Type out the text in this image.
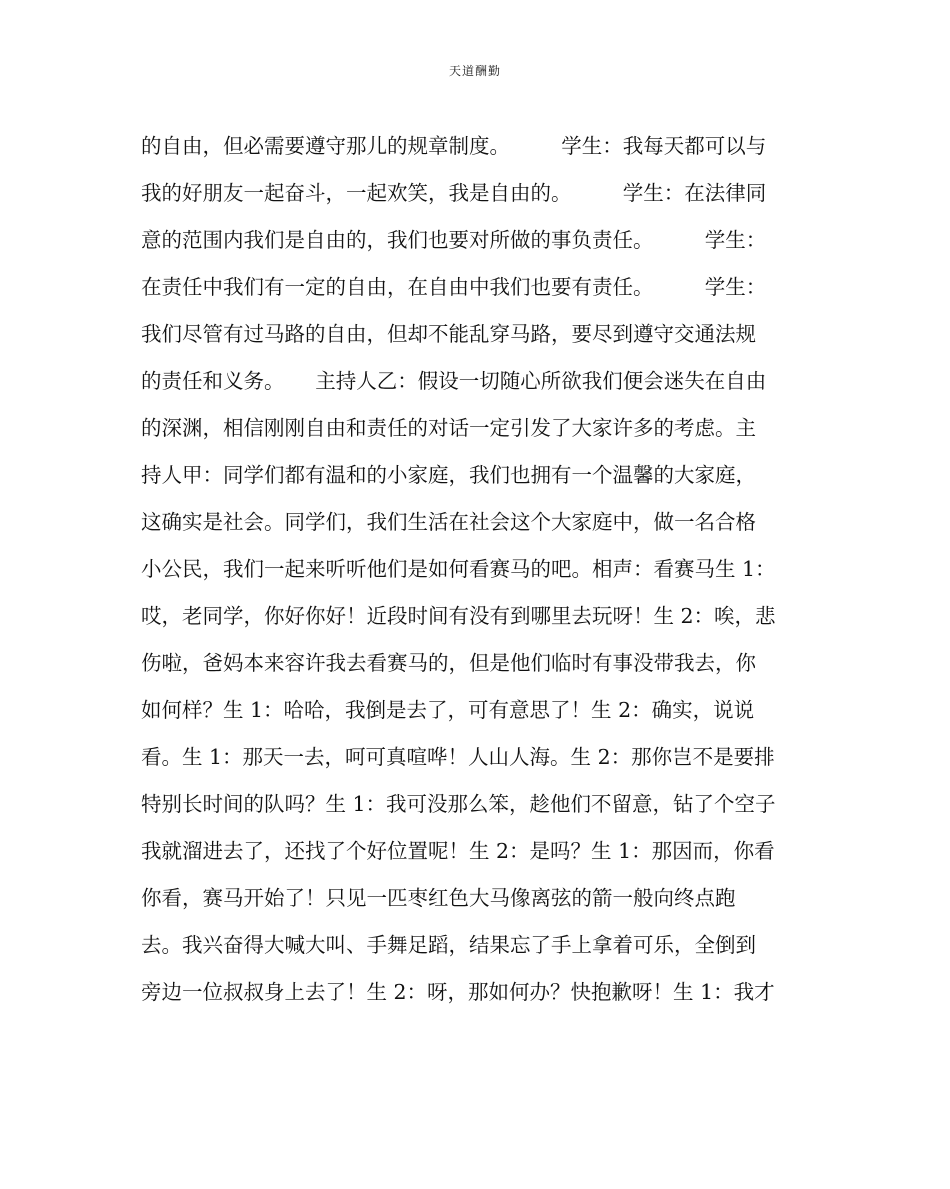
天道酬勤
的自由，但必需要遵守那儿的规章制度。　　　学生：我每天都可以与
我的好朋友一起奋斗，一起欢笑，我是自由的。　　　学生：在法律同
意的范围内我们是自由的，我们也要对所做的事负责任。　　　学生：
在责任中我们有一定的自由，在自由中我们也要有责任。　　　学生：
我们尽管有过马路的自由，但却不能乱穿马路，要尽到遵守交通法规
的责任和义务。　　主持人乙：假设一切随心所欲我们便会迷失在自由
的深渊，相信刚刚自由和责任的对话一定引发了大家许多的考虑。主
持人甲：同学们都有温和的小家庭，我们也拥有一个温馨的大家庭，
这确实是社会。同学们，我们生活在社会这个大家庭中，做一名合格
小公民，我们一起来听听他们是如何看赛马的吧。相声：看赛马生 1：
哎，老同学，你好你好！近段时间有没有到哪里去玩呀！生 2：唉，悲
伤啦，爸妈本来容许我去看赛马的，但是他们临时有事没带我去，你
如何样？生 1：哈哈，我倒是去了，可有意思了！生 2：确实，说说
看。生 1：那天一去，呵可真喧哗！人山人海。生 2：那你岂不是要排
特别长时间的队吗？生 1：我可没那么笨，趁他们不留意，钻了个空子
我就溜进去了，还找了个好位置呢！生 2：是吗？生 1：那因而，你看
你看，赛马开始了！只见一匹枣红色大马像离弦的箭一般向终点跑
去。我兴奋得大喊大叫、手舞足蹈，结果忘了手上拿着可乐，全倒到
旁边一位叔叔身上去了！生 2：呀，那如何办？快抱歉呀！生 1：我才
